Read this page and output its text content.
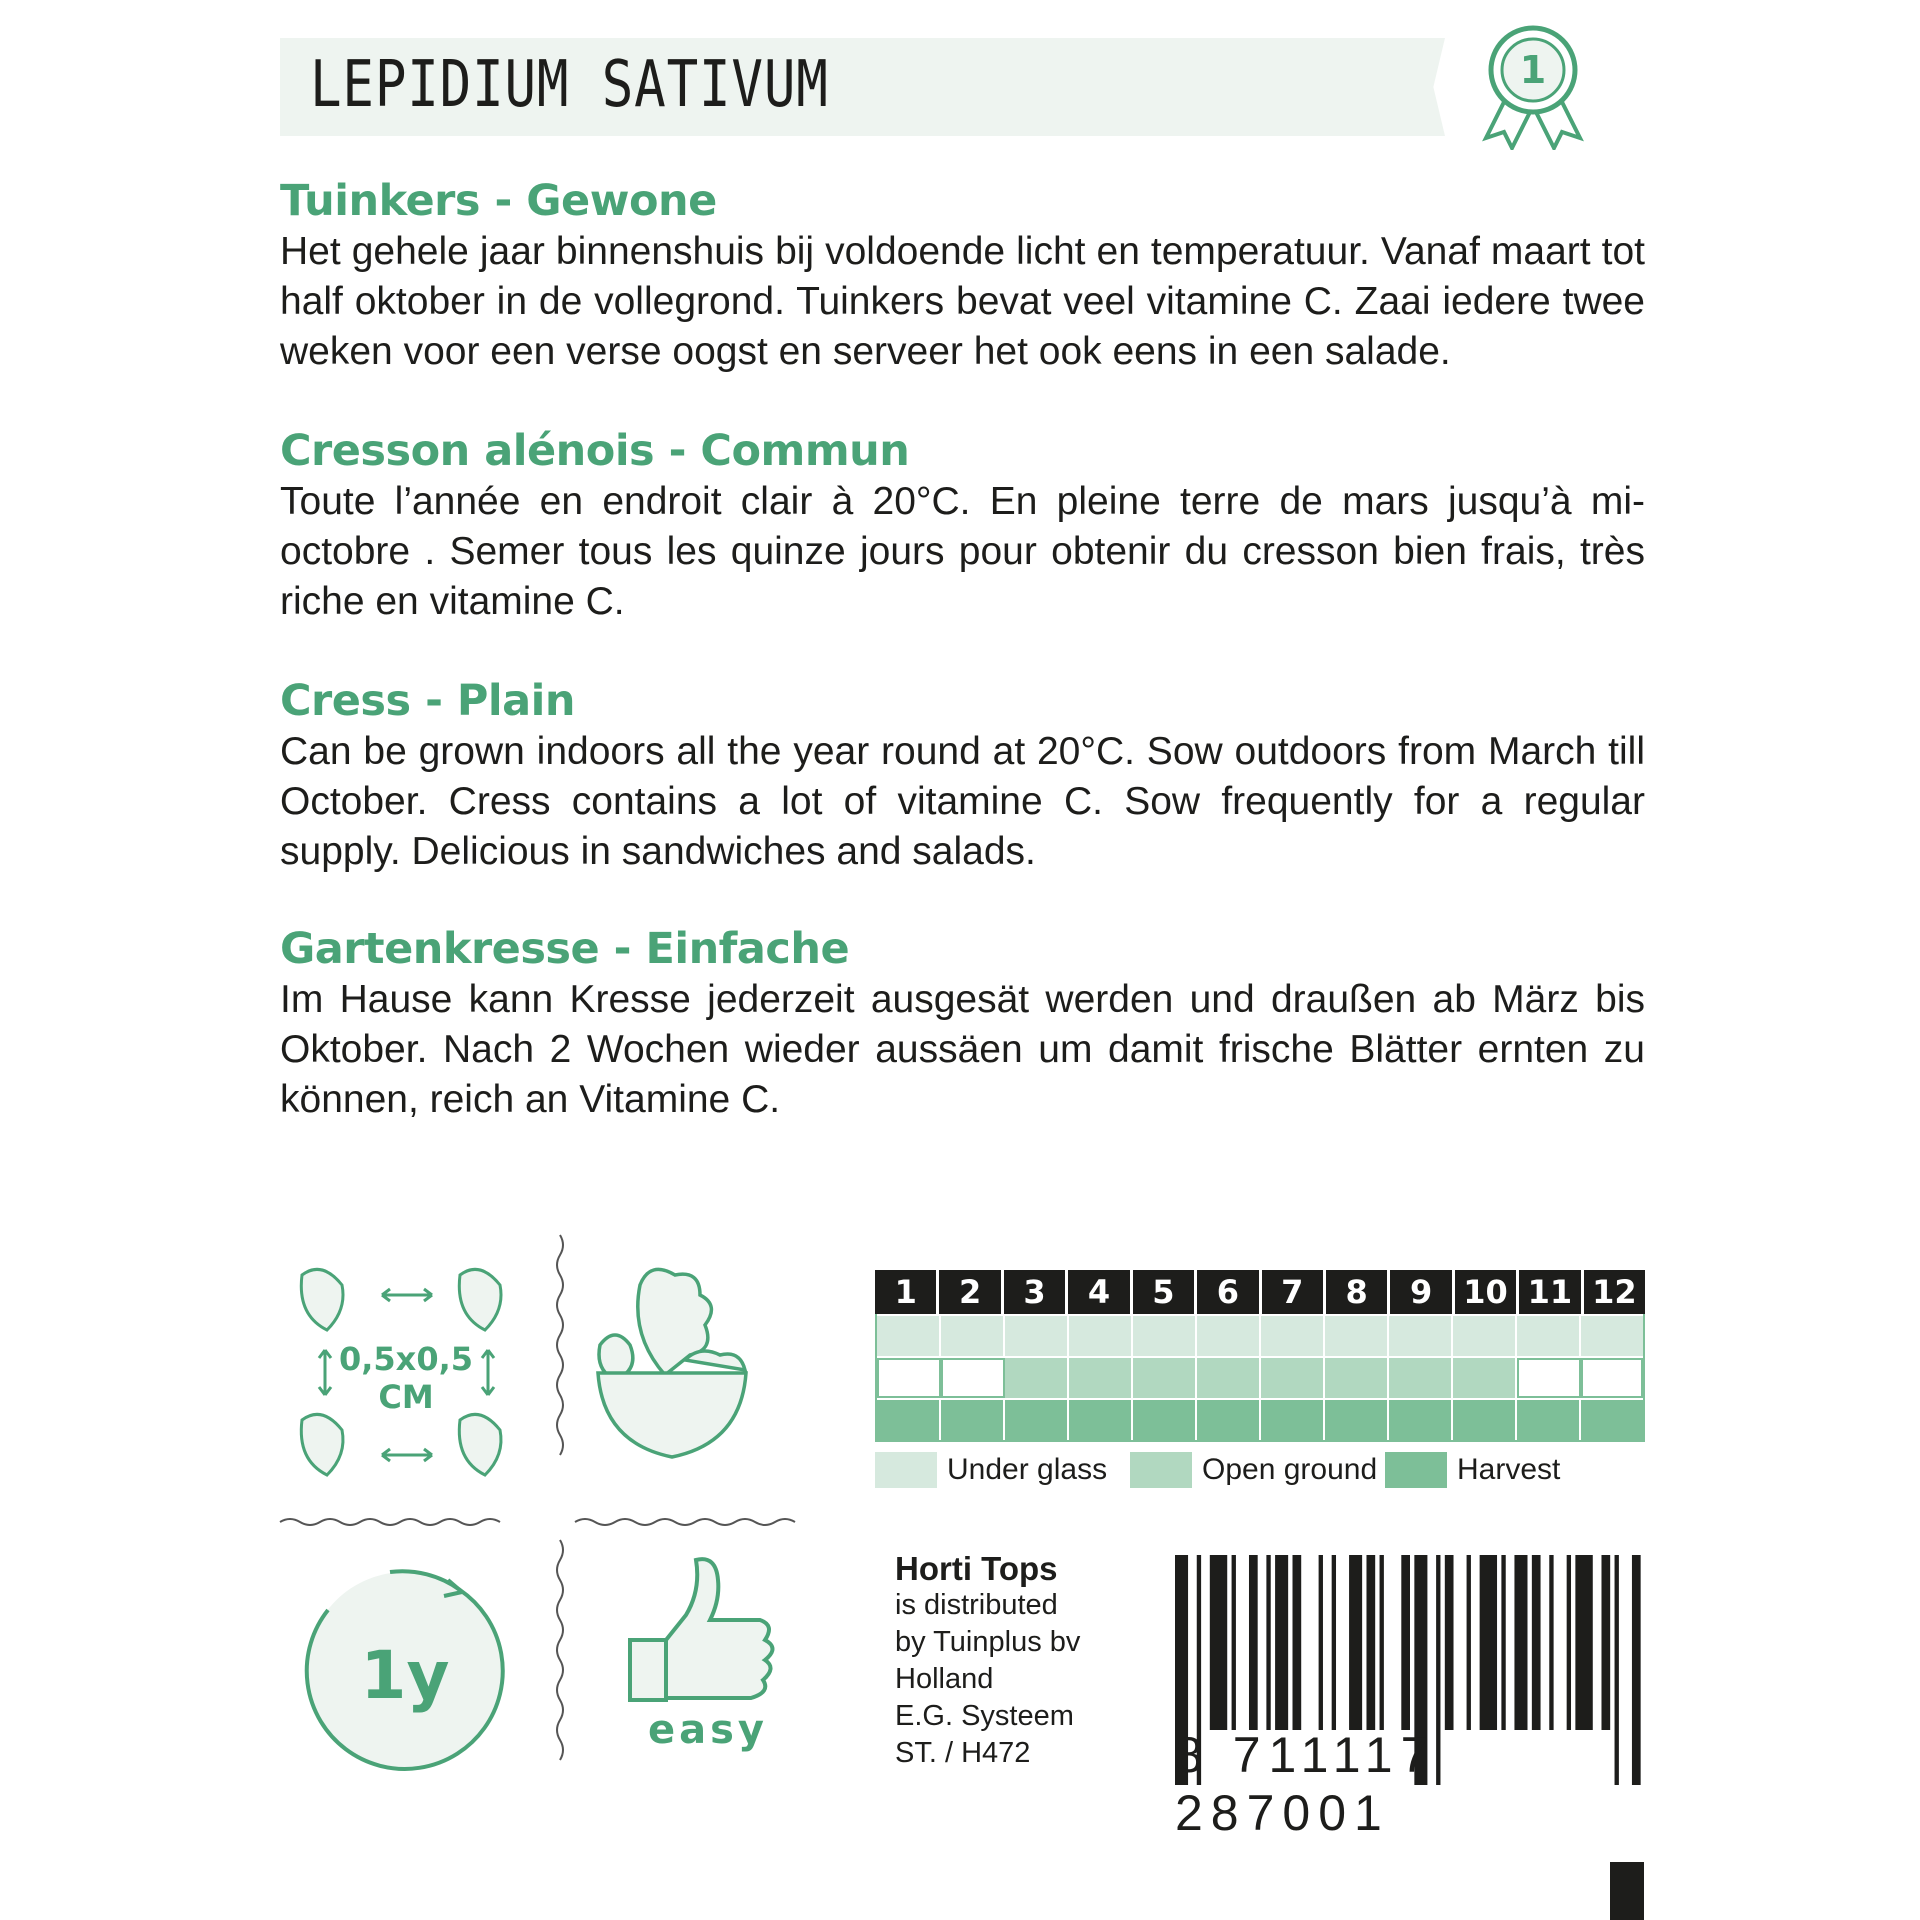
LEPIDIUM SATIVUM	1
Tuinkers - Gewone

Het gehele jaar binnenshuis bij voldoende licht en temperatuur. Vanaf maart tot half oktober in de vollegrond. Tuinkers bevat veel vitamine C. Zaai iedere twee weken voor een verse oogst en serveer het ook eens in een salade.

Cresson alénois - Commun

Toute l’année en endroit clair à 20°C. En pleine terre de mars jusqu’à mi-octobre . Semer tous les quinze jours pour obtenir du cresson bien frais, très riche en vitamine C.

Cress - Plain

Can be grown indoors all the year round at 20°C. Sow outdoors from March till October. Cress contains a lot of vitamine C. Sow frequently for a regular supply. Delicious in sandwiches and salads.

Gartenkresse - Einfache

Im Hause kann Kresse jederzeit ausgesät werden und draußen ab März bis Oktober. Nach 2 Wochen wieder aussäen um damit frische Blätter ernten zu können, reich an Vitamine C.

0,5x0,5
CM
1y
easy
1	2	3	4	5	6	7	8	9 10 11 12
Under glass	Open ground	Harvest
Horti Tops
is distributed
by Tuinplus bv
Holland
E.G. Systeem
ST. / H472	8 711117 287001
